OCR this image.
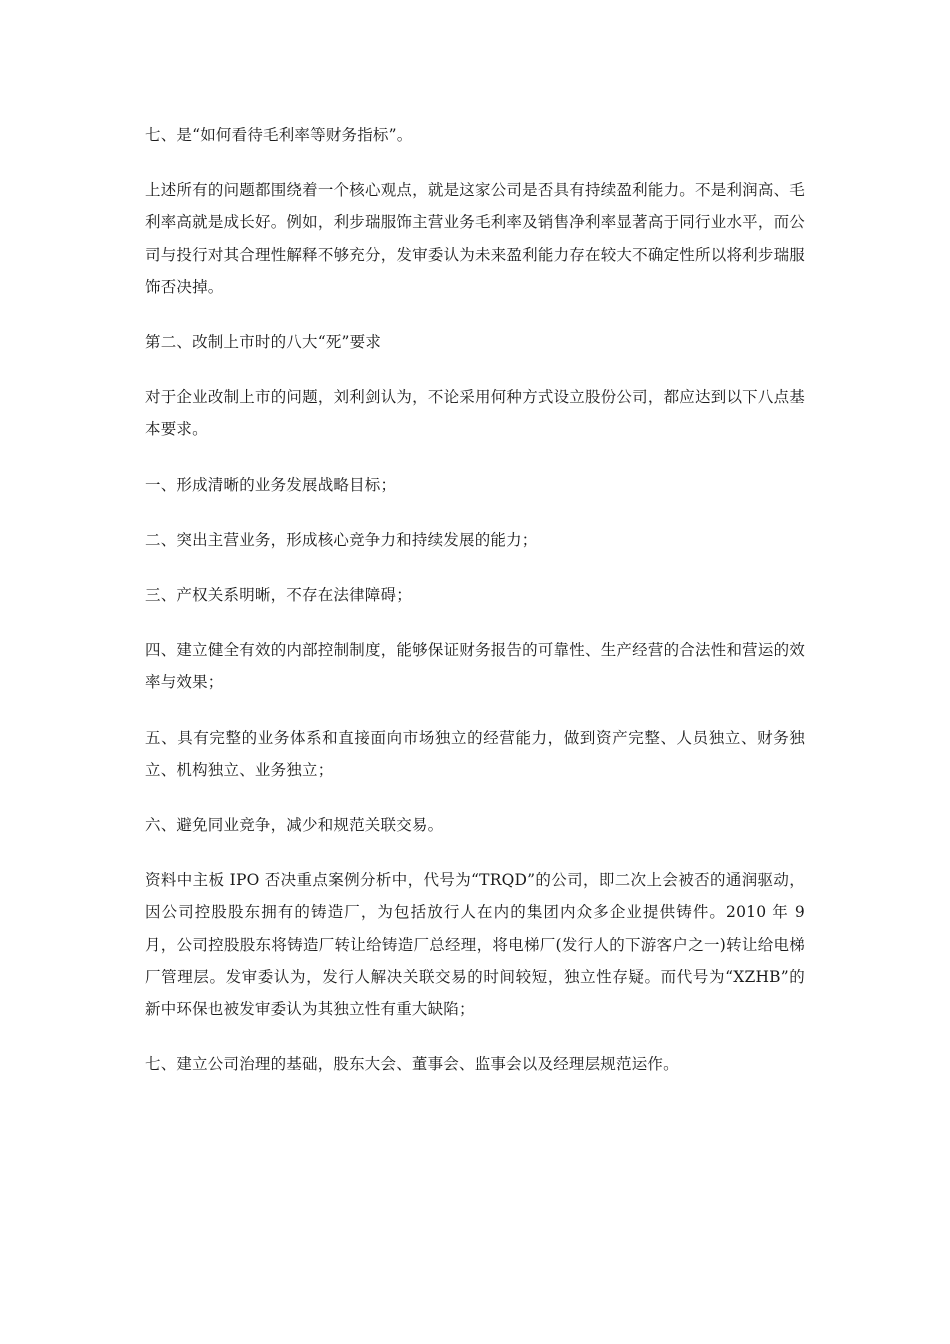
七、是“如何看待毛利率等财务指标”。

上述所有的问题都围绕着一个核心观点，就是这家公司是否具有持续盈利能力。不是利润高、毛利率高就是成长好。例如，利步瑞服饰主营业务毛利率及销售净利率显著高于同行业水平，而公司与投行对其合理性解释不够充分，发审委认为未来盈利能力存在较大不确定性所以将利步瑞服饰否决掉。

第二、改制上市时的八大“死”要求

对于企业改制上市的问题，刘利剑认为，不论采用何种方式设立股份公司，都应达到以下八点基本要求。

一、形成清晰的业务发展战略目标；

二、突出主营业务，形成核心竞争力和持续发展的能力；

三、产权关系明晰，不存在法律障碍；

四、建立健全有效的内部控制制度，能够保证财务报告的可靠性、生产经营的合法性和营运的效率与效果；

五、具有完整的业务体系和直接面向市场独立的经营能力，做到资产完整、人员独立、财务独立、机构独立、业务独立；

六、避免同业竞争，减少和规范关联交易。

资料中主板 IPO 否决重点案例分析中，代号为“TRQD”的公司，即二次上会被否的通润驱动，因公司控股股东拥有的铸造厂，为包括放行人在内的集团内众多企业提供铸件。2010 年 9 月，公司控股股东将铸造厂转让给铸造厂总经理，将电梯厂(发行人的下游客户之一)转让给电梯厂管理层。发审委认为，发行人解决关联交易的时间较短，独立性存疑。而代号为“XZHB”的新中环保也被发审委认为其独立性有重大缺陷；

七、建立公司治理的基础，股东大会、董事会、监事会以及经理层规范运作。
